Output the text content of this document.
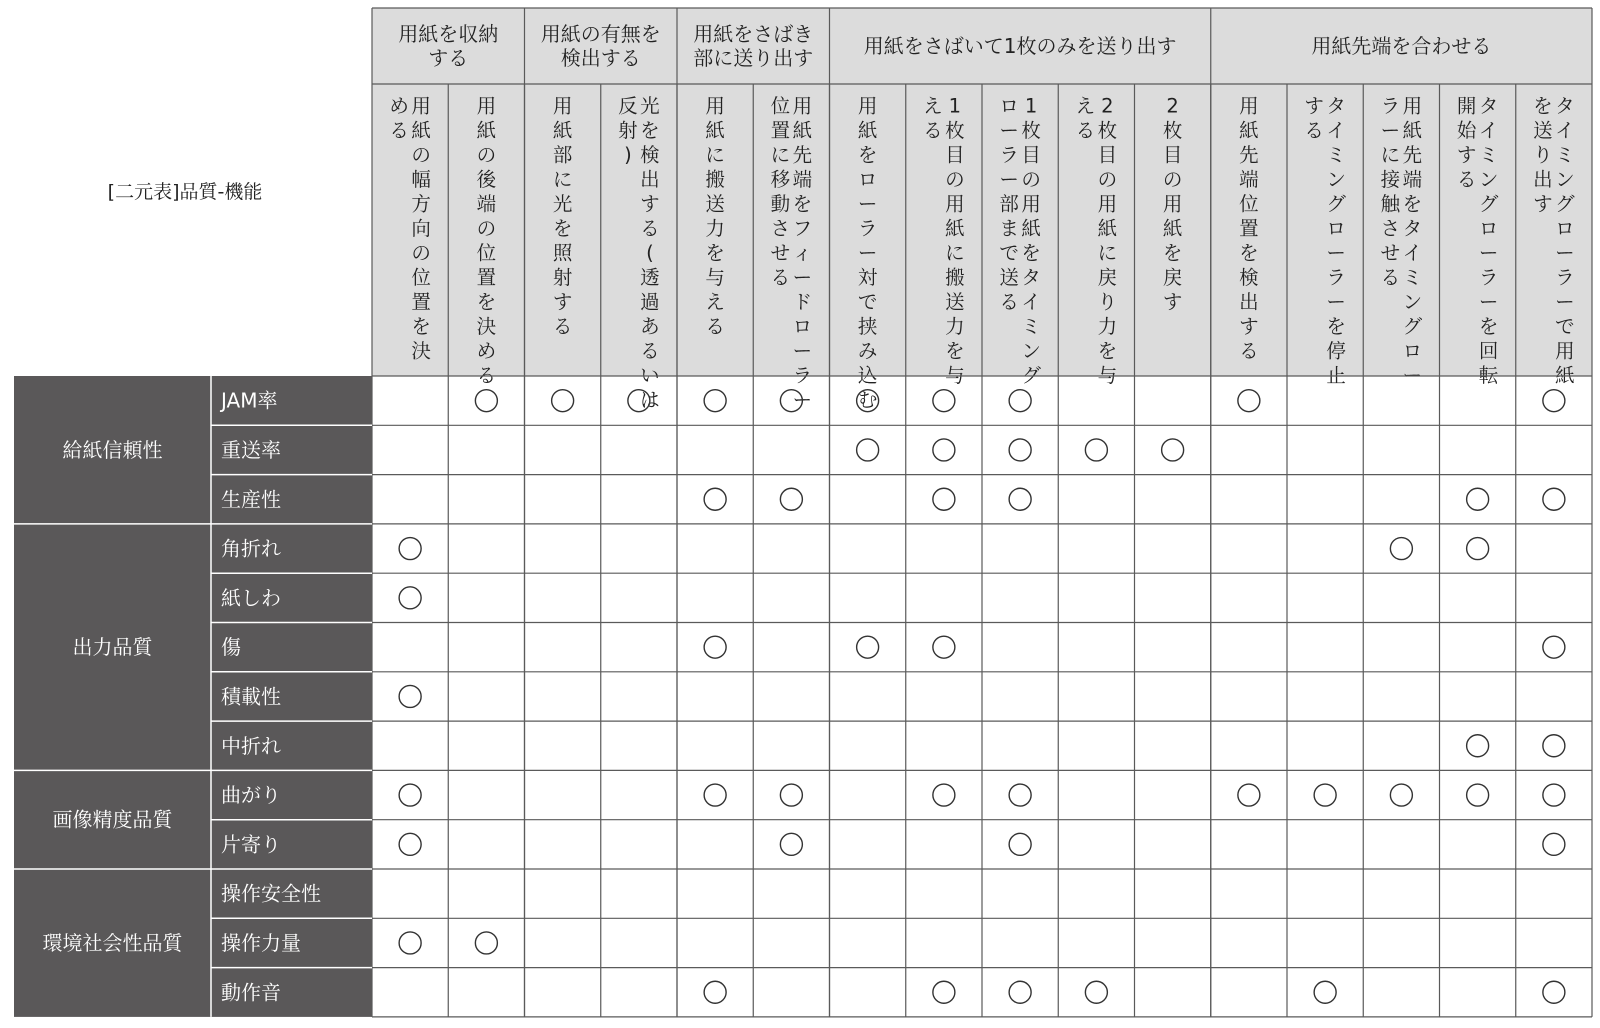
[二元表]品質-機能
用紙を収納
する
用紙の有無を
検出する
用紙をさばき
部に送り出す	用紙をさばいて1枚のみを送り出す	用紙先端を合わせる
用
紙
の
幅
方
向
の
位
置
を
決
め
る
用
紙
の
後
端
の
位
置
を
決
め
る
用
紙
部
に
光
を
照
射
す
る
光
を
検
出
す
る
(
透
過
あ
る
い
は
反
射
)
用
紙
に
搬
送
力
を
与
え
る
用
紙
先
端
を
フ
ィ
ー
ド
ロ
ー
ラ
ー
位
置
に
移
動
さ
せ
る
用
紙
を
ロ
ー
ラ
ー
対
で
挟
み
込
む
1
枚
目
の
用
紙
に
搬
送
力
を
与
え
る
1
枚
目
の
用
紙
を
タ
イ
ミ
ン
グ
ロ
ー
ラ
ー
部
ま
で
送
る
2
枚
目
の
用
紙
に
戻
り
力
を
与
え
る
2
枚
目
の
用
紙
を
戻
す
用
紙
先
端
位
置
を
検
出
す
る
タ
イ
ミ
ン
グ
ロ
ー
ラ
ー
を
停
止
す
る
用
紙
先
端
を
タ
イ
ミ
ン
グ
ロ
ー
ラ
ー
に
接
触
さ
せ
る
タ
イ
ミ
ン
グ
ロ
ー
ラ
ー
を
回
転
開
始
す
る
タ
イ
ミ
ン
グ
ロ
ー
ラ
ー
で
用
紙
を
送
り
出
す
給紙信頼性
出力品質
画像精度品質
環境社会性品質
JAM率
重送率
生産性
角折れ
紙しわ
傷
積載性
中折れ
曲がり
片寄り
操作安全性
操作力量
動作音
